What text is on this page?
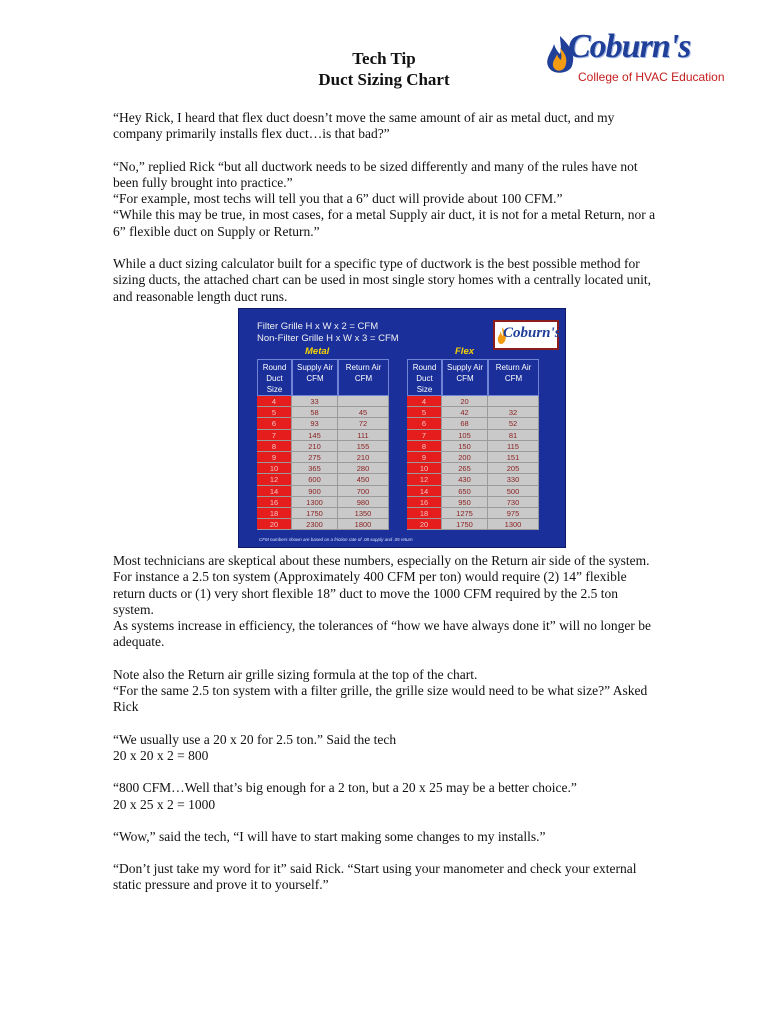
Tech Tip
Duct Sizing Chart
Coburn's
College of HVAC Education

“Hey Rick, I heard that flex duct doesn’t move the same amount of air as metal duct, and my company primarily installs flex duct…is that bad?”

“No,” replied Rick “but all ductwork needs to be sized differently and many of the rules have not been fully brought into practice.”

“For example, most techs will tell you that a 6” duct will provide about 100 CFM.”

“While this may be true, in most cases, for a metal Supply air duct, it is not for a metal Return, nor a 6” flexible duct on Supply or Return.”

While a duct sizing calculator built for a specific type of ductwork is the best possible method for sizing ducts, the attached chart can be used in most single story homes with a centrally located unit, and reasonable length duct runs.

Filter Grille H x W x 2 = CFM
Non-Filter Grille H x W x 3 = CFM
Metal	Flex
Coburn's
Round Duct Size
Supply Air CFM
Return Air CFM
Round Duct Size
Supply Air CFM
Return Air CFM
4	33
5	58	45
6	93	72
7	145	111
8	210	155
9	275	210
10	365	280
12	600	450
14	900	700
16	1300	980
18	1750	1350
20	2300	1800
4	20
5	42	32
6	68	52
7	105	81
8	150	115
9	200	151
10	265	205
12	430	330
14	650	500
16	950	730
18	1275	975
20	1750	1300
CFM numbers shown are based on a friction rate of .08 supply and .05 return

Most technicians are skeptical about these numbers, especially on the Return air side of the system. For instance a 2.5 ton system (Approximately 400 CFM per ton) would require (2) 14” flexible return ducts or (1) very short flexible 18” duct to move the 1000 CFM required by the 2.5 ton system.

As systems increase in efficiency, the tolerances of “how we have always done it” will no longer be adequate.

Note also the Return air grille sizing formula at the top of the chart.

“For the same 2.5 ton system with a filter grille, the grille size would need to be what size?” Asked Rick

“We usually use a 20 x 20 for 2.5 ton.” Said the tech

20 x 20 x 2 = 800

“800 CFM…Well that’s big enough for a 2 ton, but a 20 x 25 may be a better choice.”

20 x 25 x 2 = 1000

“Wow,” said the tech, “I will have to start making some changes to my installs.”

“Don’t just take my word for it” said Rick. “Start using your manometer and check your external static pressure and prove it to yourself.”
